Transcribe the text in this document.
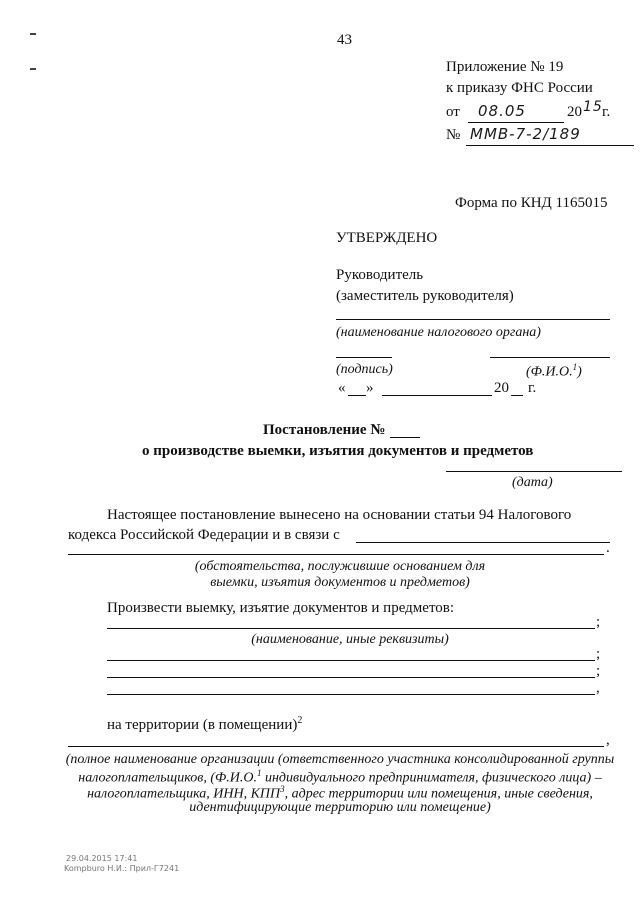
43
Приложение № 19
к приказу ФНС России
от 08.05	20 15 г.
№ ММВ-7-2/189
Форма по КНД 1165015
УТВЕРЖДЕНО
Руководитель
(заместитель руководителя)
(наименование налогового органа)
(подпись)	(Ф.И.О.$^1$)
« »	20 г.
Постановление №
о производстве выемки, изъятия документов и предметов
(дата)
Настоящее постановление вынесено на основании статьи 94 Налогового
кодекса Российской Федерации и в связи с
.
(обстоятельства, послужившие основанием для
выемки, изъятия документов и предметов)
Произвести выемку, изъятие документов и предметов:
;
(наименование, иные реквизиты)
;
;
,
на территории (в помещении)$^2$
,
(полное наименование организации (ответственного участника консолидированной группы
налогоплательщиков, (Ф.И.О.$^1$ индивидуального предпринимателя, физического лица) –
налогоплательщика, ИНН, КПП$^3$, адрес территории или помещения, иные сведения,
идентифицирующие территорию или помещение)
29.04.2015 17:41
Kompburo Н.И.: Прил-Г7241
